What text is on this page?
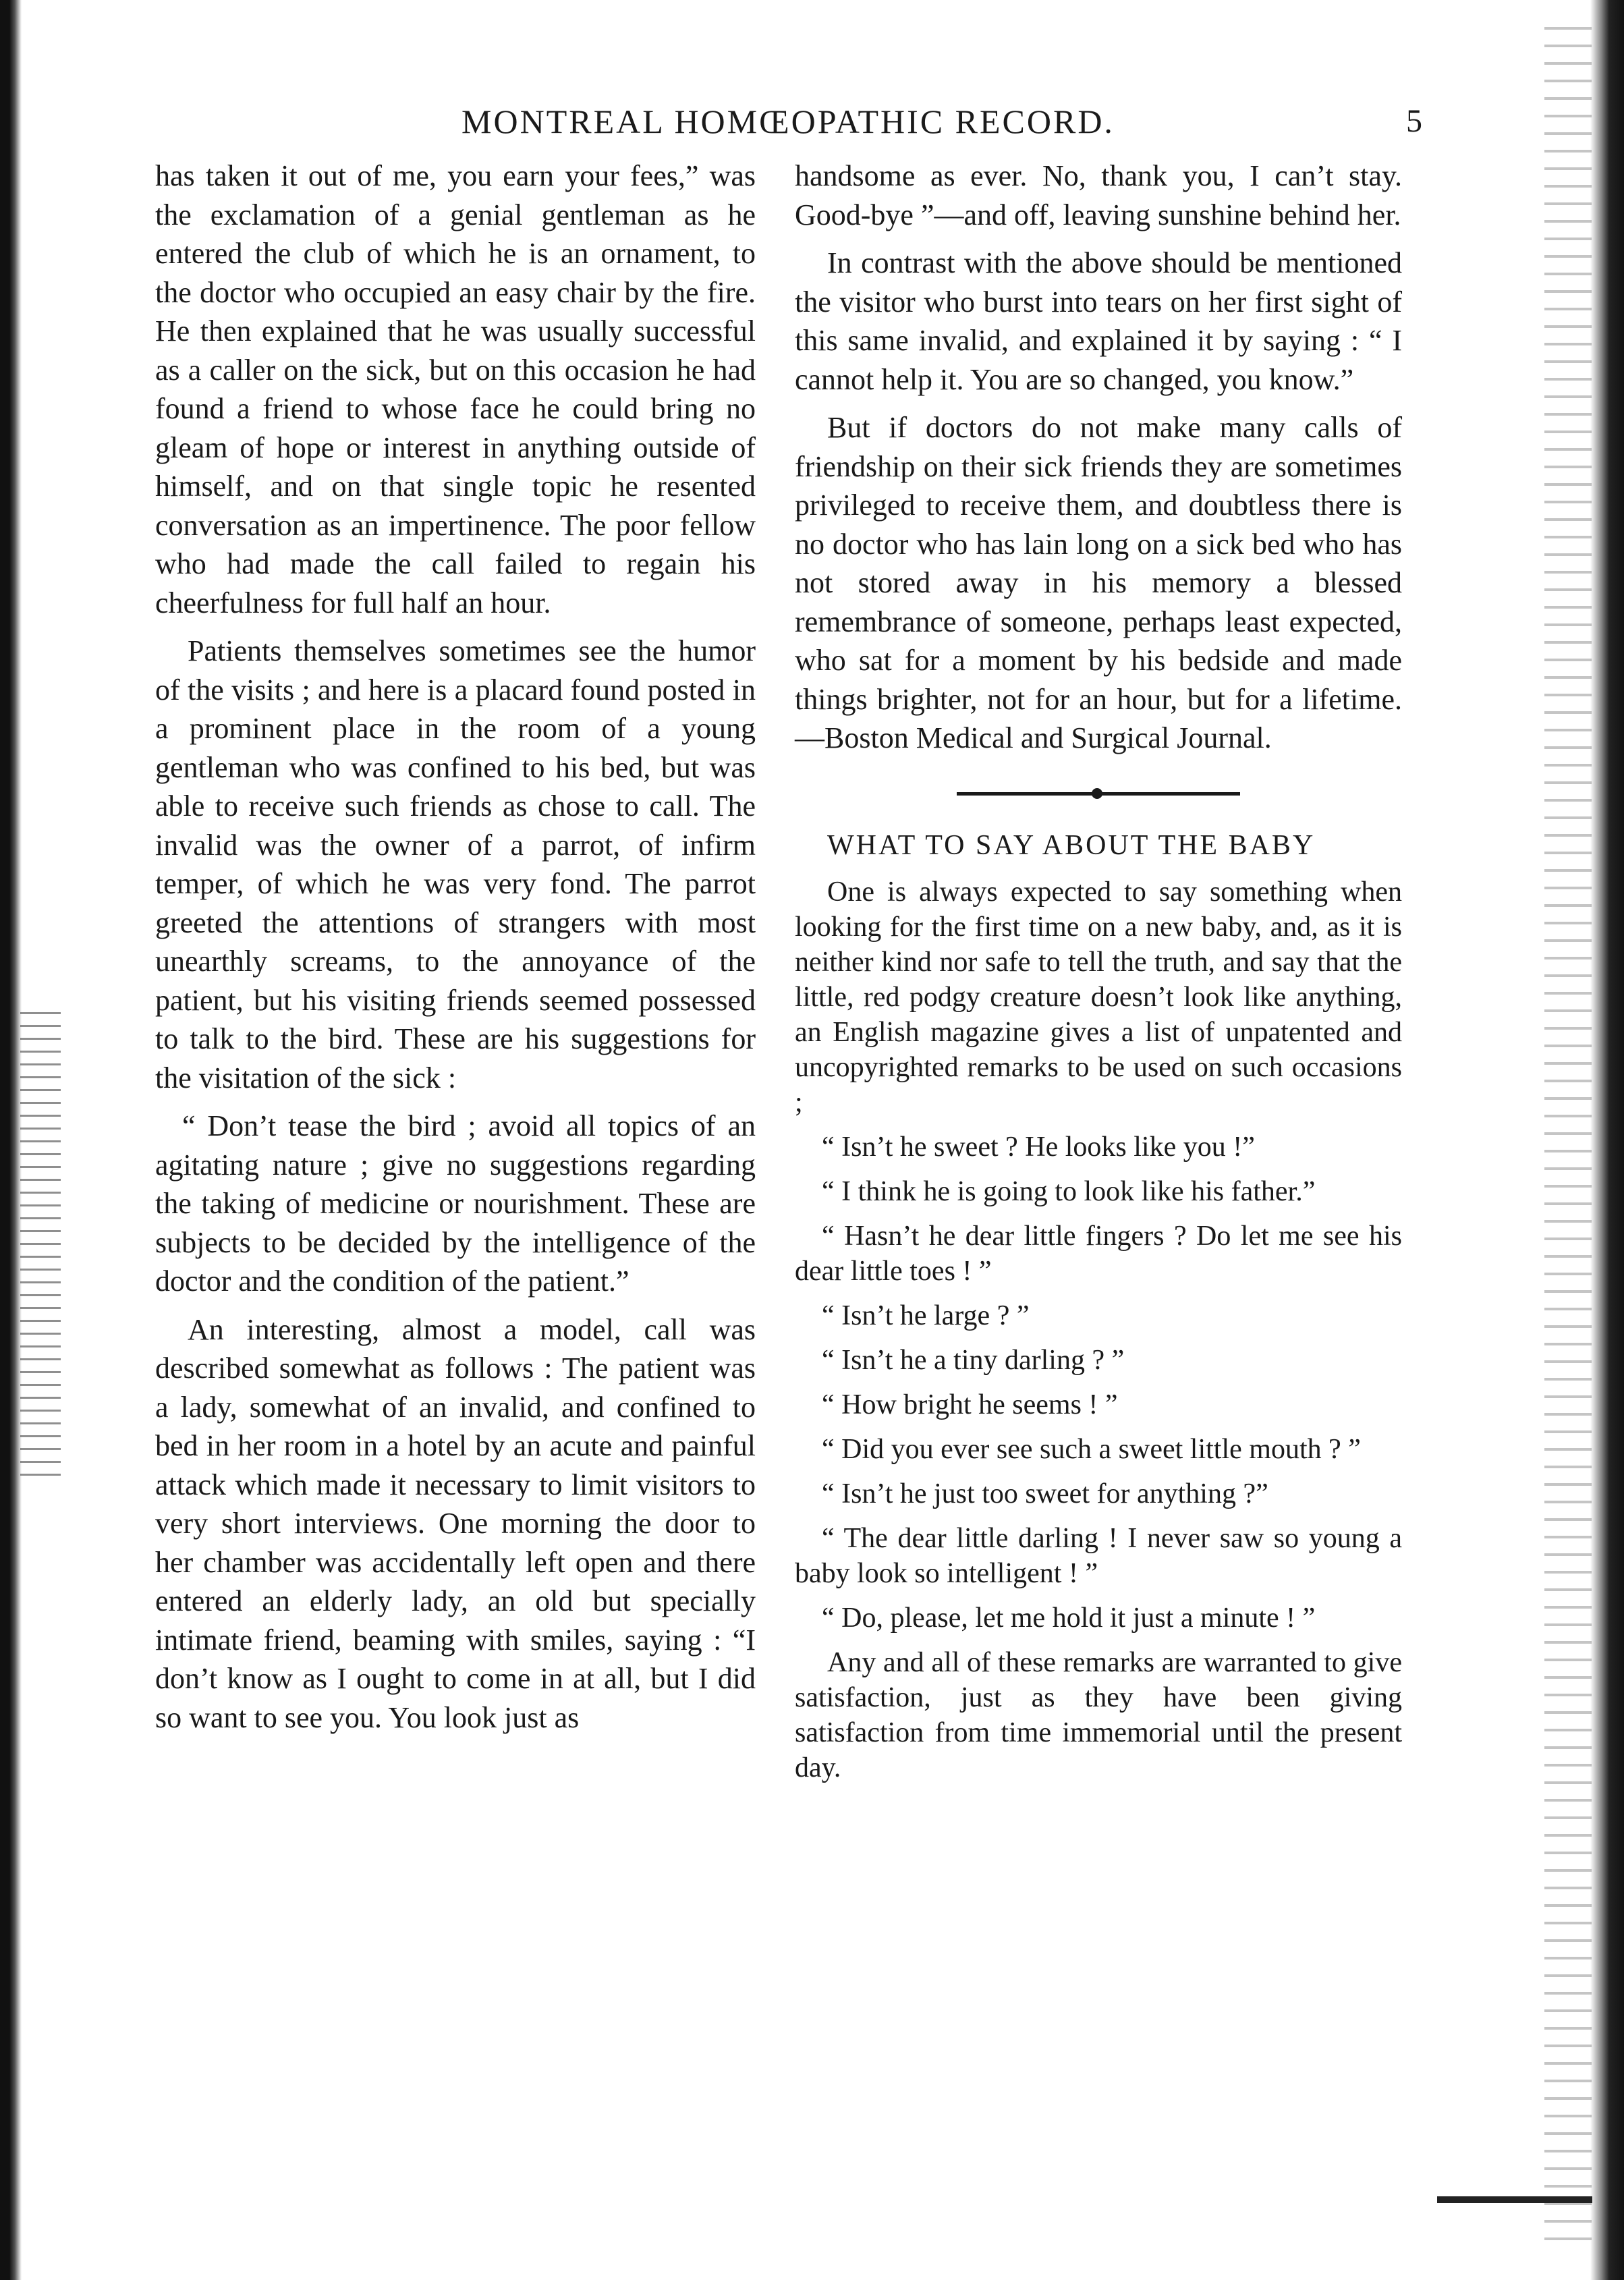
MONTREAL HOMŒOPATHIC RECORD.	5

has taken it out of me, you earn your fees,” was the exclamation of a genial gentleman as he entered the club of which he is an ornament, to the doctor who occupied an easy chair by the fire. He then explained that he was usually successful as a caller on the sick, but on this occasion he had found a friend to whose face he could bring no gleam of hope or interest in anything outside of himself, and on that single topic he resented conversation as an impertinence. The poor fellow who had made the call failed to regain his cheerfulness for full half an hour.

Patients themselves sometimes see the humor of the visits ; and here is a placard found posted in a prominent place in the room of a young gentleman who was confined to his bed, but was able to receive such friends as chose to call. The invalid was the owner of a parrot, of infirm temper, of which he was very fond. The parrot greeted the attentions of strangers with most unearthly screams, to the annoyance of the patient, but his visiting friends seemed possessed to talk to the bird. These are his suggestions for the visitation of the sick :

“ Don’t tease the bird ; avoid all topics of an agitating nature ; give no suggestions regarding the taking of medicine or nourishment. These are subjects to be decided by the intelligence of the doctor and the condition of the patient.”

An interesting, almost a model, call was described somewhat as follows : The patient was a lady, somewhat of an invalid, and confined to bed in her room in a hotel by an acute and painful attack which made it necessary to limit visitors to very short interviews. One morning the door to her chamber was accidentally left open and there entered an elderly lady, an old but specially intimate friend, beaming with smiles, saying : “I don’t know as I ought to come in at all, but I did so want to see you. You look just as

handsome as ever. No, thank you, I can’t stay. Good-bye ”—and off, leaving sunshine behind her.

In contrast with the above should be mentioned the visitor who burst into tears on her first sight of this same invalid, and explained it by saying : “ I cannot help it. You are so changed, you know.”

But if doctors do not make many calls of friendship on their sick friends they are sometimes privileged to receive them, and doubtless there is no doctor who has lain long on a sick bed who has not stored away in his memory a blessed remembrance of someone, perhaps least expected, who sat for a moment by his bedside and made things brighter, not for an hour, but for a lifetime.—Boston Medical and Surgical Journal.

WHAT TO SAY ABOUT THE BABY

One is always expected to say something when looking for the first time on a new baby, and, as it is neither kind nor safe to tell the truth, and say that the little, red podgy creature doesn’t look like anything, an English magazine gives a list of unpatented and uncopyrighted remarks to be used on such occasions ;

“ Isn’t he sweet ? He looks like you !”

“ I think he is going to look like his father.”

“ Hasn’t he dear little fingers ? Do let me see his dear little toes ! ”

“ Isn’t he large ? ”

“ Isn’t he a tiny darling ? ”

“ How bright he seems ! ”

“ Did you ever see such a sweet little mouth ? ”

“ Isn’t he just too sweet for anything ?”

“ The dear little darling ! I never saw so young a baby look so intelligent ! ”

“ Do, please, let me hold it just a minute ! ”

Any and all of these remarks are warranted to give satisfaction, just as they have been giving satisfaction from time immemorial until the present day.
